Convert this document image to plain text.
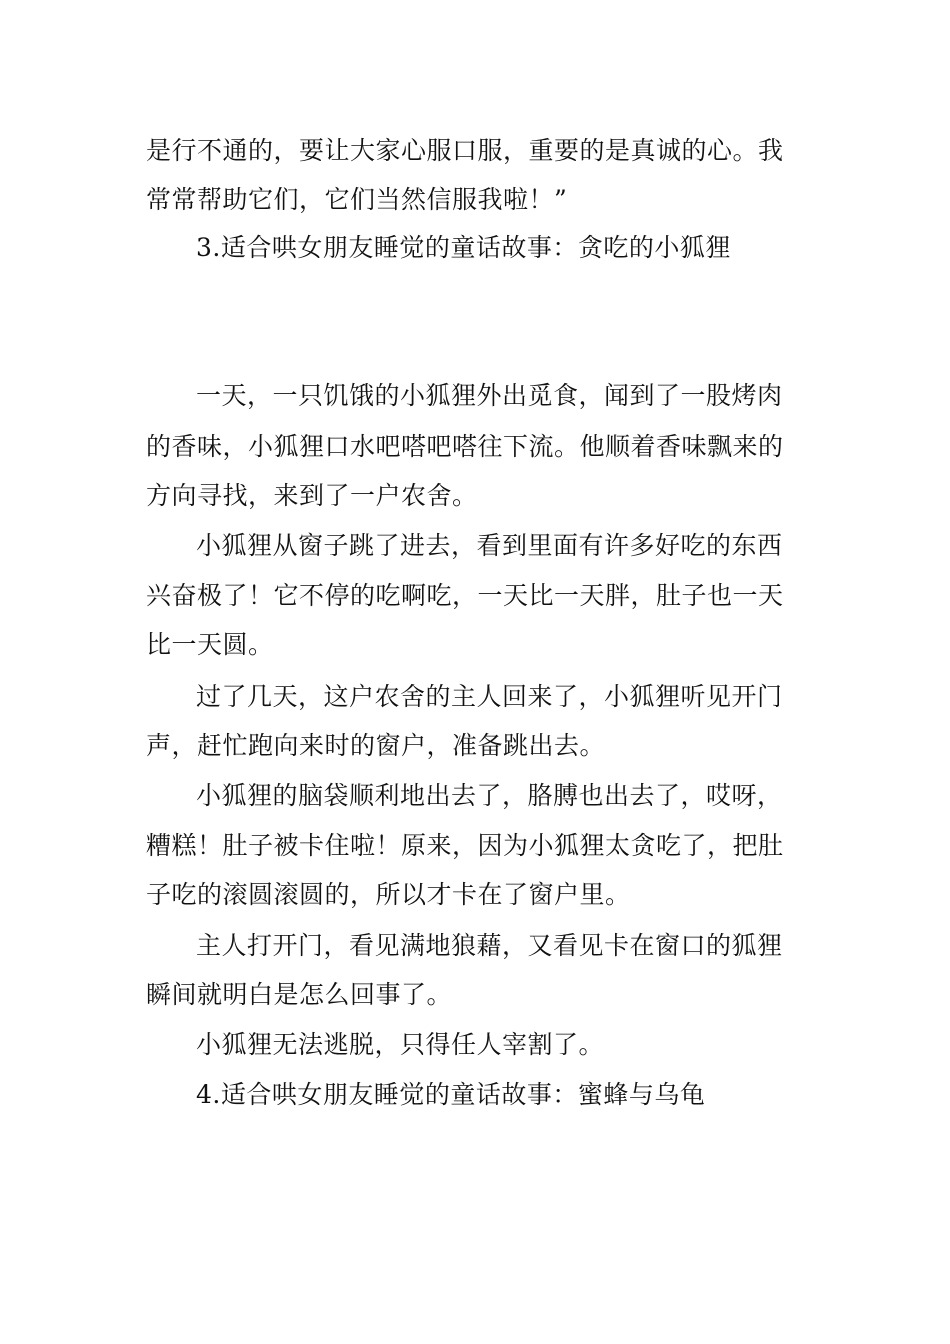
是行不通的，要让大家心服口服，重要的是真诚的心。我
常常帮助它们，它们当然信服我啦！”
3.适合哄女朋友睡觉的童话故事：贪吃的小狐狸
一天，一只饥饿的小狐狸外出觅食，闻到了一股烤肉
的香味，小狐狸口水吧嗒吧嗒往下流。他顺着香味飘来的
方向寻找，来到了一户农舍。
小狐狸从窗子跳了进去，看到里面有许多好吃的东西
兴奋极了！它不停的吃啊吃，一天比一天胖，肚子也一天
比一天圆。
过了几天，这户农舍的主人回来了，小狐狸听见开门
声，赶忙跑向来时的窗户，准备跳出去。
小狐狸的脑袋顺利地出去了，胳膊也出去了，哎呀，
糟糕！肚子被卡住啦！原来，因为小狐狸太贪吃了，把肚
子吃的滚圆滚圆的，所以才卡在了窗户里。
主人打开门，看见满地狼藉，又看见卡在窗口的狐狸
瞬间就明白是怎么回事了。
小狐狸无法逃脱，只得任人宰割了。
4.适合哄女朋友睡觉的童话故事：蜜蜂与乌龟
